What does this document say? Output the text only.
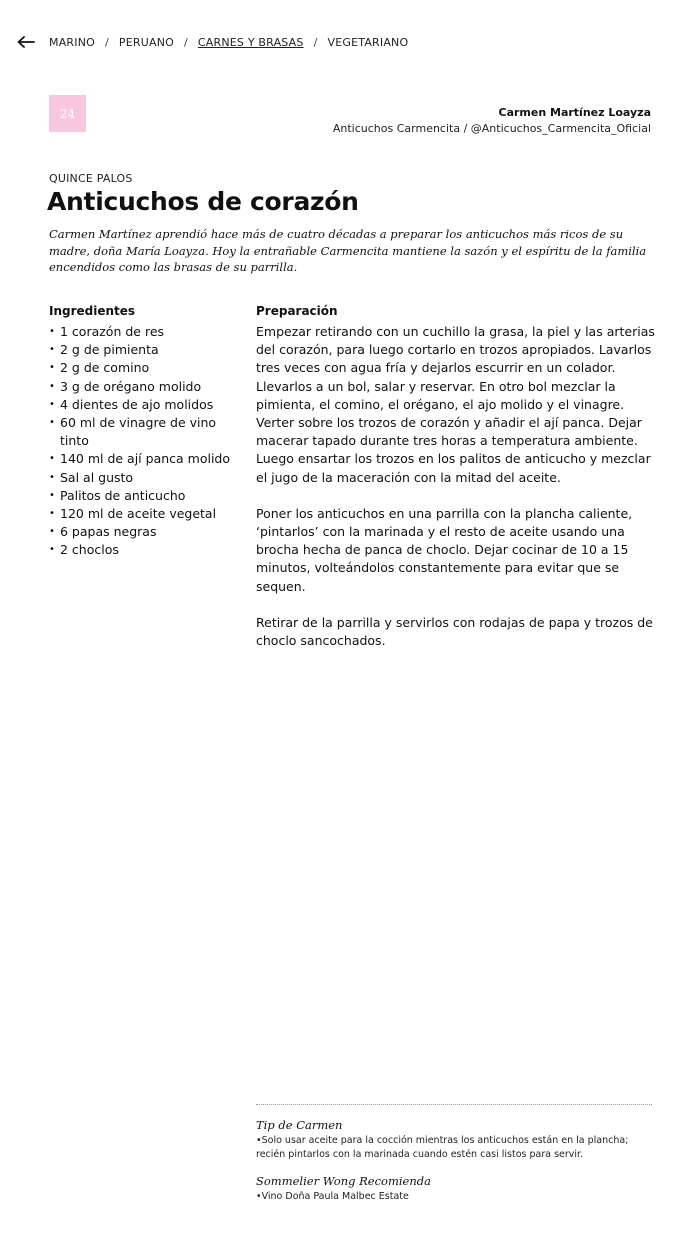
MARINO / PERUANO / CARNES Y BRASAS / VEGETARIANO
24	Carmen Martínez Loayza
Anticuchos Carmencita / @Anticuchos_Carmencita_Oficial
QUINCE PALOS
Anticuchos de corazón

Carmen Martínez aprendió hace más de cuatro décadas a preparar los anticuchos más ricos de su madre, doña María Loayza. Hoy la entrañable Carmencita mantiene la sazón y el espíritu de la familia encendidos como las brasas de su parrilla.

Ingredientes
• 1 corazón de res
• 2 g de pimienta
• 2 g de comino
• 3 g de orégano molido
• 4 dientes de ajo molidos
• 60 ml de vinagre de vino tinto
• 140 ml de ají panca molido
• Sal al gusto
• Palitos de anticucho
• 120 ml de aceite vegetal
• 6 papas negras
• 2 choclos
Preparación

Empezar retirando con un cuchillo la grasa, la piel y las arterias del corazón, para luego cortarlo en trozos apropiados. Lavarlos tres veces con agua fría y dejarlos escurrir en un colador. Llevarlos a un bol, salar y reservar. En otro bol mezclar la pimienta, el comino, el orégano, el ajo molido y el vinagre. Verter sobre los trozos de corazón y añadir el ají panca. Dejar macerar tapado durante tres horas a temperatura ambiente. Luego ensartar los trozos en los palitos de anticucho y mezclar el jugo de la maceración con la mitad del aceite.

Poner los anticuchos en una parrilla con la plancha caliente, ‘pintarlos’ con la marinada y el resto de aceite usando una brocha hecha de panca de choclo. Dejar cocinar de 10 a 15 minutos, volteándolos constantemente para evitar que se sequen.

Retirar de la parrilla y servirlos con rodajas de papa y trozos de choclo sancochados.

Tip de Carmen

•Solo usar aceite para la cocción mientras los anticuchos están en la plancha; recién pintarlos con la marinada cuando estén casi listos para servir.

Sommelier Wong Recomienda

•Vino Doña Paula Malbec Estate
